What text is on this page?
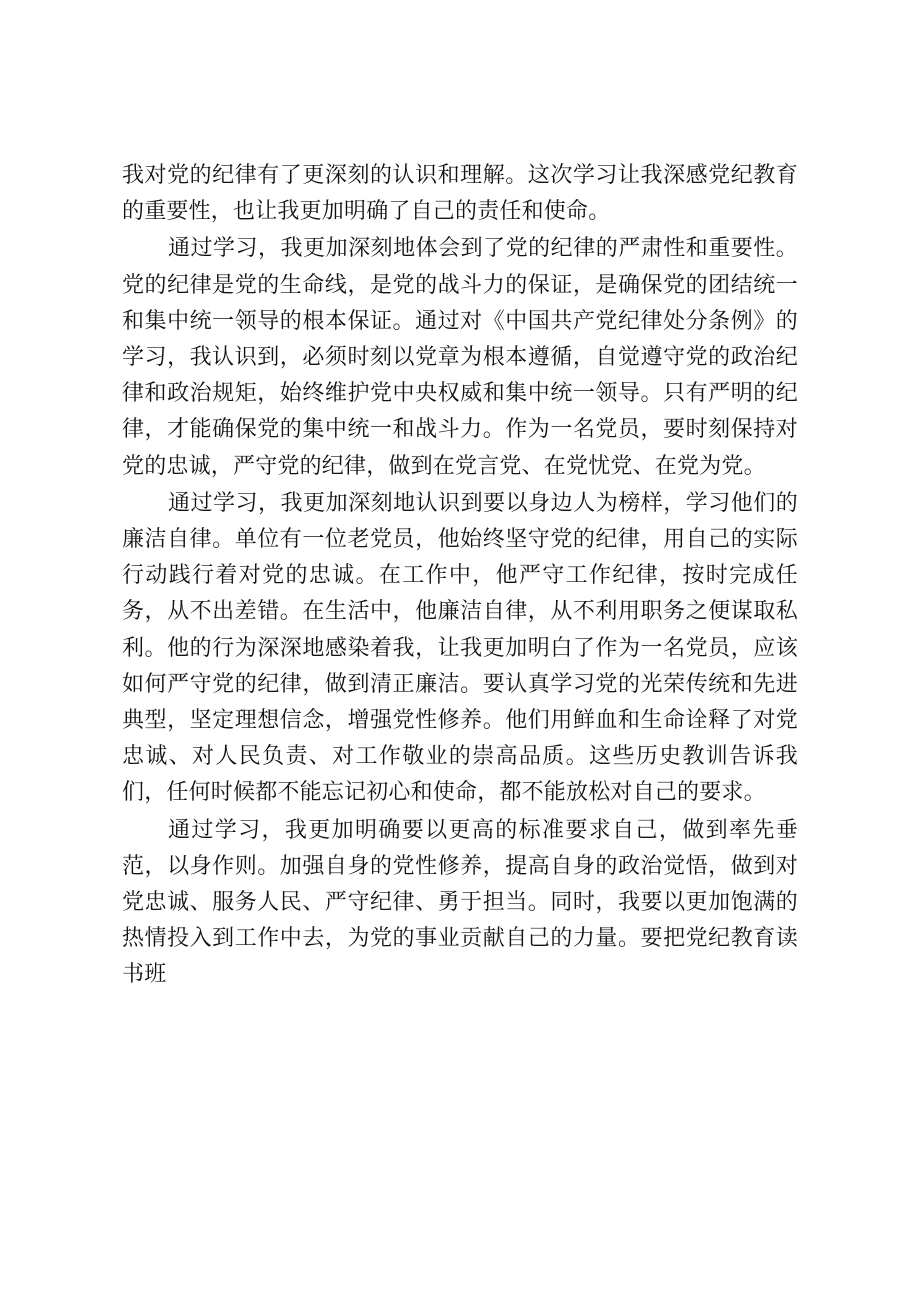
我对党的纪律有了更深刻的认识和理解。这次学习让我深感党纪教育的重要性，也让我更加明确了自己的责任和使命。

通过学习，我更加深刻地体会到了党的纪律的严肃性和重要性。党的纪律是党的生命线，是党的战斗力的保证，是确保党的团结统一和集中统一领导的根本保证。通过对《中国共产党纪律处分条例》的学习，我认识到，必须时刻以党章为根本遵循，自觉遵守党的政治纪律和政治规矩，始终维护党中央权威和集中统一领导。只有严明的纪律，才能确保党的集中统一和战斗力。作为一名党员，要时刻保持对党的忠诚，严守党的纪律，做到在党言党、在党忧党、在党为党。

通过学习，我更加深刻地认识到要以身边人为榜样，学习他们的廉洁自律。单位有一位老党员，他始终坚守党的纪律，用自己的实际行动践行着对党的忠诚。在工作中，他严守工作纪律，按时完成任务，从不出差错。在生活中，他廉洁自律，从不利用职务之便谋取私利。他的行为深深地感染着我，让我更加明白了作为一名党员，应该如何严守党的纪律，做到清正廉洁。要认真学习党的光荣传统和先进典型，坚定理想信念，增强党性修养。他们用鲜血和生命诠释了对党忠诚、对人民负责、对工作敬业的崇高品质。这些历史教训告诉我们，任何时候都不能忘记初心和使命，都不能放松对自己的要求。

通过学习，我更加明确要以更高的标准要求自己，做到率先垂范，以身作则。加强自身的党性修养，提高自身的政治觉悟，做到对党忠诚、服务人民、严守纪律、勇于担当。同时，我要以更加饱满的热情投入到工作中去，为党的事业贡献自己的力量。要把党纪教育读书班
